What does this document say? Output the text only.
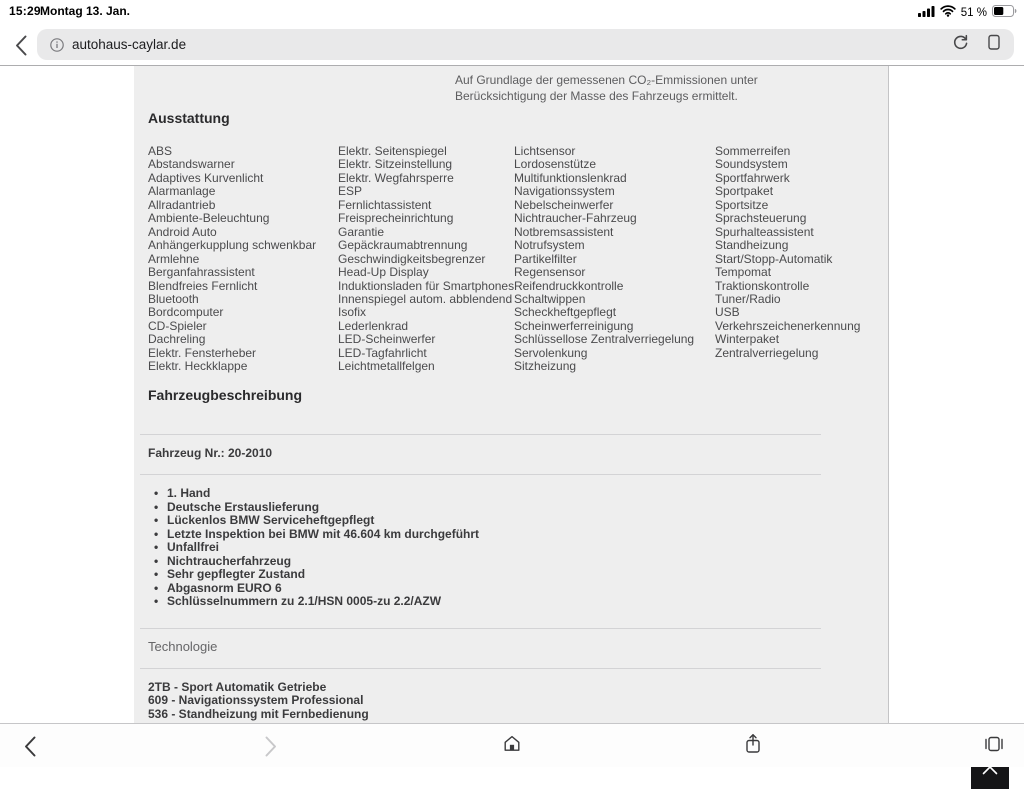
15:29 Montag 13. Jan.	51 %
autohaus-caylar.de
Auf Grundlage der gemessenen CO₂-Emmissionen unter
Berücksichtigung der Masse des Fahrzeugs ermittelt.
Ausstattung
ABS
Abstandswarner
Adaptives Kurvenlicht
Alarmanlage
Allradantrieb
Ambiente-Beleuchtung
Android Auto
Anhängerkupplung schwenkbar
Armlehne
Berganfahrassistent
Blendfreies Fernlicht
Bluetooth
Bordcomputer
CD-Spieler
Dachreling
Elektr. Fensterheber
Elektr. Heckklappe
Elektr. Seitenspiegel
Elektr. Sitzeinstellung
Elektr. Wegfahrsperre
ESP
Fernlichtassistent
Freisprecheinrichtung
Garantie
Gepäckraumabtrennung
Geschwindigkeitsbegrenzer
Head-Up Display
Induktionsladen für Smartphones
Innenspiegel autom. abblendend
Isofix
Lederlenkrad
LED-Scheinwerfer
LED-Tagfahrlicht
Leichtmetallfelgen
Lichtsensor
Lordosenstütze
Multifunktionslenkrad
Navigationssystem
Nebelscheinwerfer
Nichtraucher-Fahrzeug
Notbremsassistent
Notrufsystem
Partikelfilter
Regensensor
Reifendruckkontrolle
Schaltwippen
Scheckheftgepflegt
Scheinwerferreinigung
Schlüssellose Zentralverriegelung
Servolenkung
Sitzheizung
Sommerreifen
Soundsystem
Sportfahrwerk
Sportpaket
Sportsitze
Sprachsteuerung
Spurhalteassistent
Standheizung
Start/Stopp-Automatik
Tempomat
Traktionskontrolle
Tuner/Radio
USB
Verkehrszeichenerkennung
Winterpaket
Zentralverriegelung
Fahrzeugbeschreibung
Fahrzeug Nr.: 20-2010
• 1. Hand
• Deutsche Erstauslieferung
• Lückenlos BMW Serviceheftgepflegt
• Letzte Inspektion bei BMW mit 46.604 km durchgeführt
• Unfallfrei
• Nichtraucherfahrzeug
• Sehr gepflegter Zustand
• Abgasnorm EURO 6
• Schlüsselnummern zu 2.1/HSN 0005-zu 2.2/AZW
Technologie
2TB - Sport Automatik Getriebe
609 - Navigationssystem Professional
536 - Standheizung mit Fernbedienung
